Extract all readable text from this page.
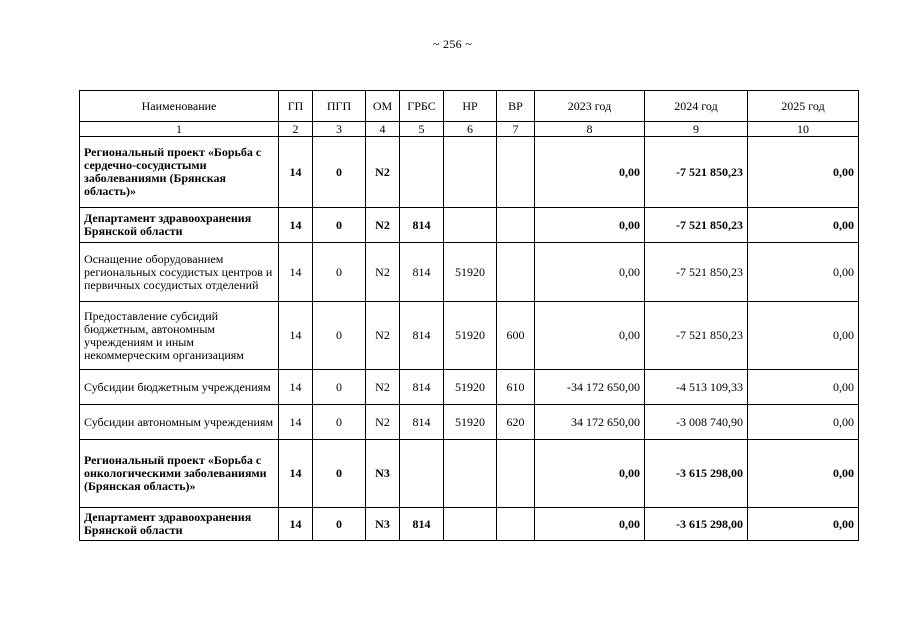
~ 256 ~
Наименование	ГП	ПГП	ОМ	ГРБС	НР	ВР	2023 год	2024 год	2025 год
1	2	3	4	5	6	7	8	9	10
Региональный проект «Борьба с сердечно-сосудистыми заболеваниями (Брянская область)»	14	0	N2				0,00	-7 521 850,23	0,00
Департамент здравоохранения Брянской области	14	0	N2	814			0,00	-7 521 850,23	0,00
Оснащение оборудованием региональных сосудистых центров и первичных сосудистых отделений	14	0	N2	814	51920		0,00	-7 521 850,23	0,00
Предоставление субсидий бюджетным, автономным учреждениям и иным некоммерческим организациям	14	0	N2	814	51920	600	0,00	-7 521 850,23	0,00
Субсидии бюджетным учреждениям	14	0	N2	814	51920	610	-34 172 650,00	-4 513 109,33	0,00
Субсидии автономным учреждениям	14	0	N2	814	51920	620	34 172 650,00	-3 008 740,90	0,00
Региональный проект «Борьба с онкологическими заболеваниями (Брянская область)»	14	0	N3				0,00	-3 615 298,00	0,00
Департамент здравоохранения Брянской области	14	0	N3	814			0,00	-3 615 298,00	0,00
